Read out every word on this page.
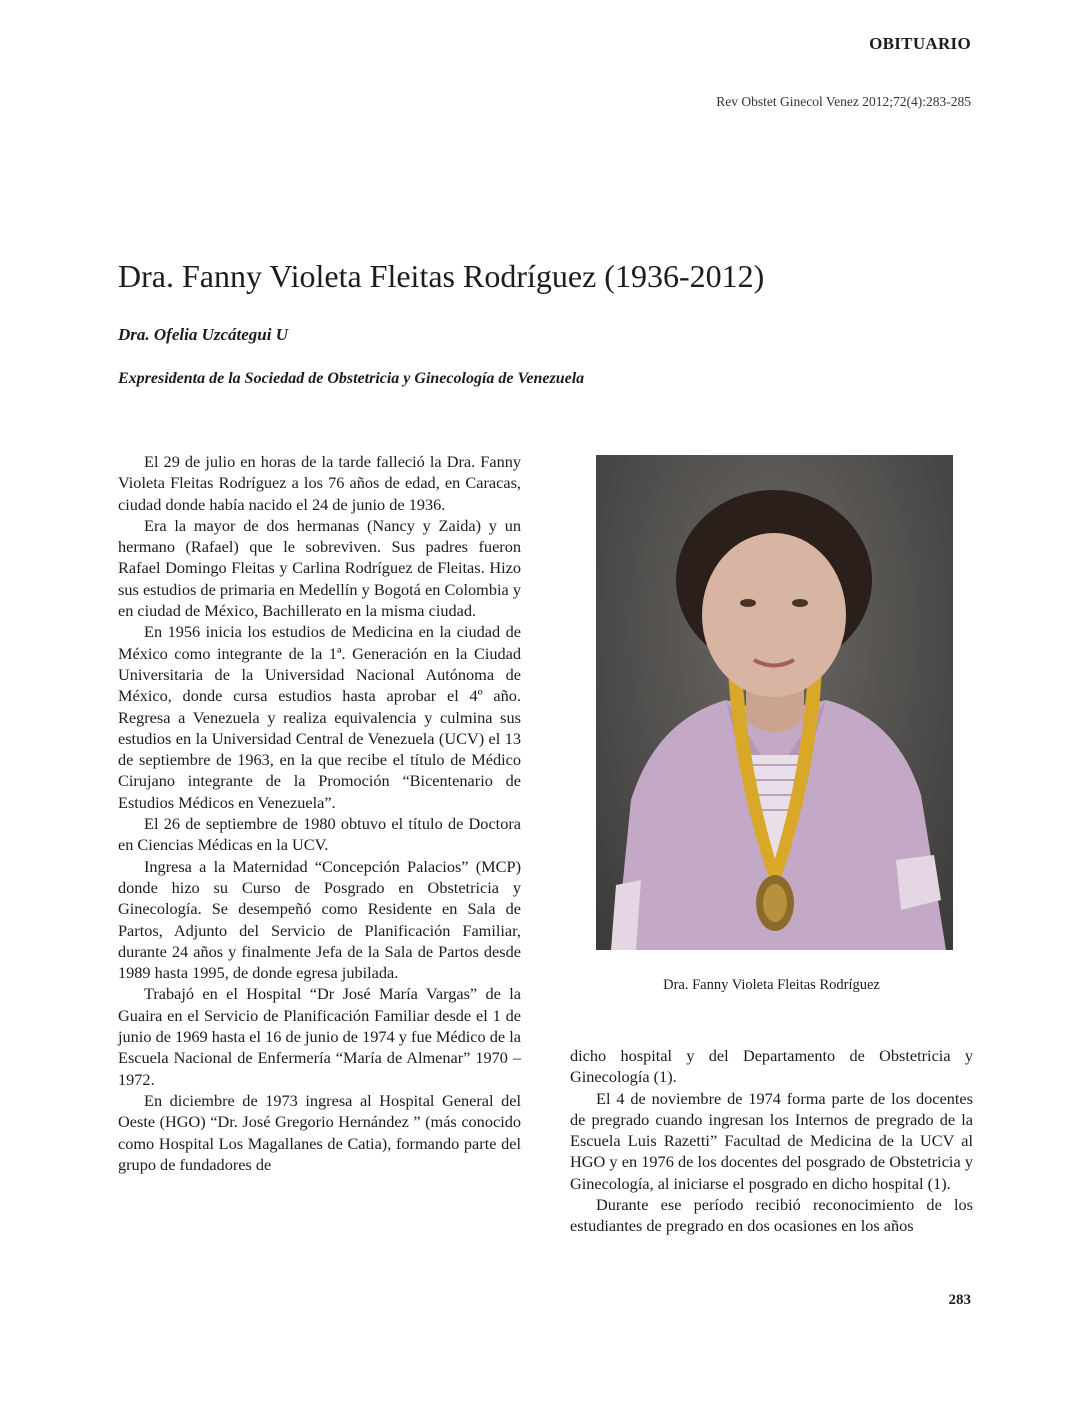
OBITUARIO
Rev Obstet Ginecol Venez 2012;72(4):283-285
Dra. Fanny Violeta Fleitas Rodríguez (1936-2012)
Dra. Ofelia Uzcátegui U
Expresidenta de la Sociedad de Obstetricia y Ginecología de Venezuela

El 29 de julio en horas de la tarde falleció la Dra. Fanny Violeta Fleitas Rodríguez a los 76 años de edad, en Caracas, ciudad donde había nacido el 24 de junio de 1936.

Era la mayor de dos hermanas (Nancy y Zaida) y un hermano (Rafael) que le sobreviven. Sus padres fueron Rafael Domingo Fleitas y Carlina Rodríguez de Fleitas. Hizo sus estudios de primaria en Medellín y Bogotá en Colombia y en ciudad de México, Bachillerato en la misma ciudad.

En 1956 inicia los estudios de Medicina en la ciudad de México como integrante de la 1ª. Generación en la Ciudad Universitaria de la Universidad Nacional Autónoma de México, donde cursa estudios hasta aprobar el 4º año. Regresa a Venezuela y realiza equivalencia y culmina sus estudios en la Universidad Central de Venezuela (UCV) el 13 de septiembre de 1963, en la que recibe el título de Médico Cirujano integrante de la Promoción “Bicentenario de Estudios Médicos en Venezuela”.

El 26 de septiembre de 1980 obtuvo el título de Doctora en Ciencias Médicas en la UCV.

Ingresa a la Maternidad “Concepción Palacios” (MCP) donde hizo su Curso de Posgrado en Obstetricia y Ginecología. Se desempeñó como Residente en Sala de Partos, Adjunto del Servicio de Planificación Familiar, durante 24 años y finalmente Jefa de la Sala de Partos desde 1989 hasta 1995, de donde egresa jubilada.

Trabajó en el Hospital “Dr José María Vargas” de la Guaira en el Servicio de Planificación Familiar desde el 1 de junio de 1969 hasta el 16 de junio de 1974 y fue Médico de la Escuela Nacional de Enfermería “María de Almenar” 1970 – 1972.

En diciembre de 1973 ingresa al Hospital General del Oeste (HGO) “Dr. José Gregorio Hernández ” (más conocido como Hospital Los Magallanes de Catia), formando parte del grupo de fundadores de

Dra. Fanny Violeta Fleitas Rodríguez

dicho hospital y del Departamento de Obstetricia y Ginecología (1).

El 4 de noviembre de 1974 forma parte de los docentes de pregrado cuando ingresan los Internos de pregrado de la Escuela Luis Razetti” Facultad de Medicina de la UCV al HGO y en 1976 de los docentes del posgrado de Obstetricia y Ginecología, al iniciarse el posgrado en dicho hospital (1).

Durante ese período recibió reconocimiento de los estudiantes de pregrado en dos ocasiones en los años

283
